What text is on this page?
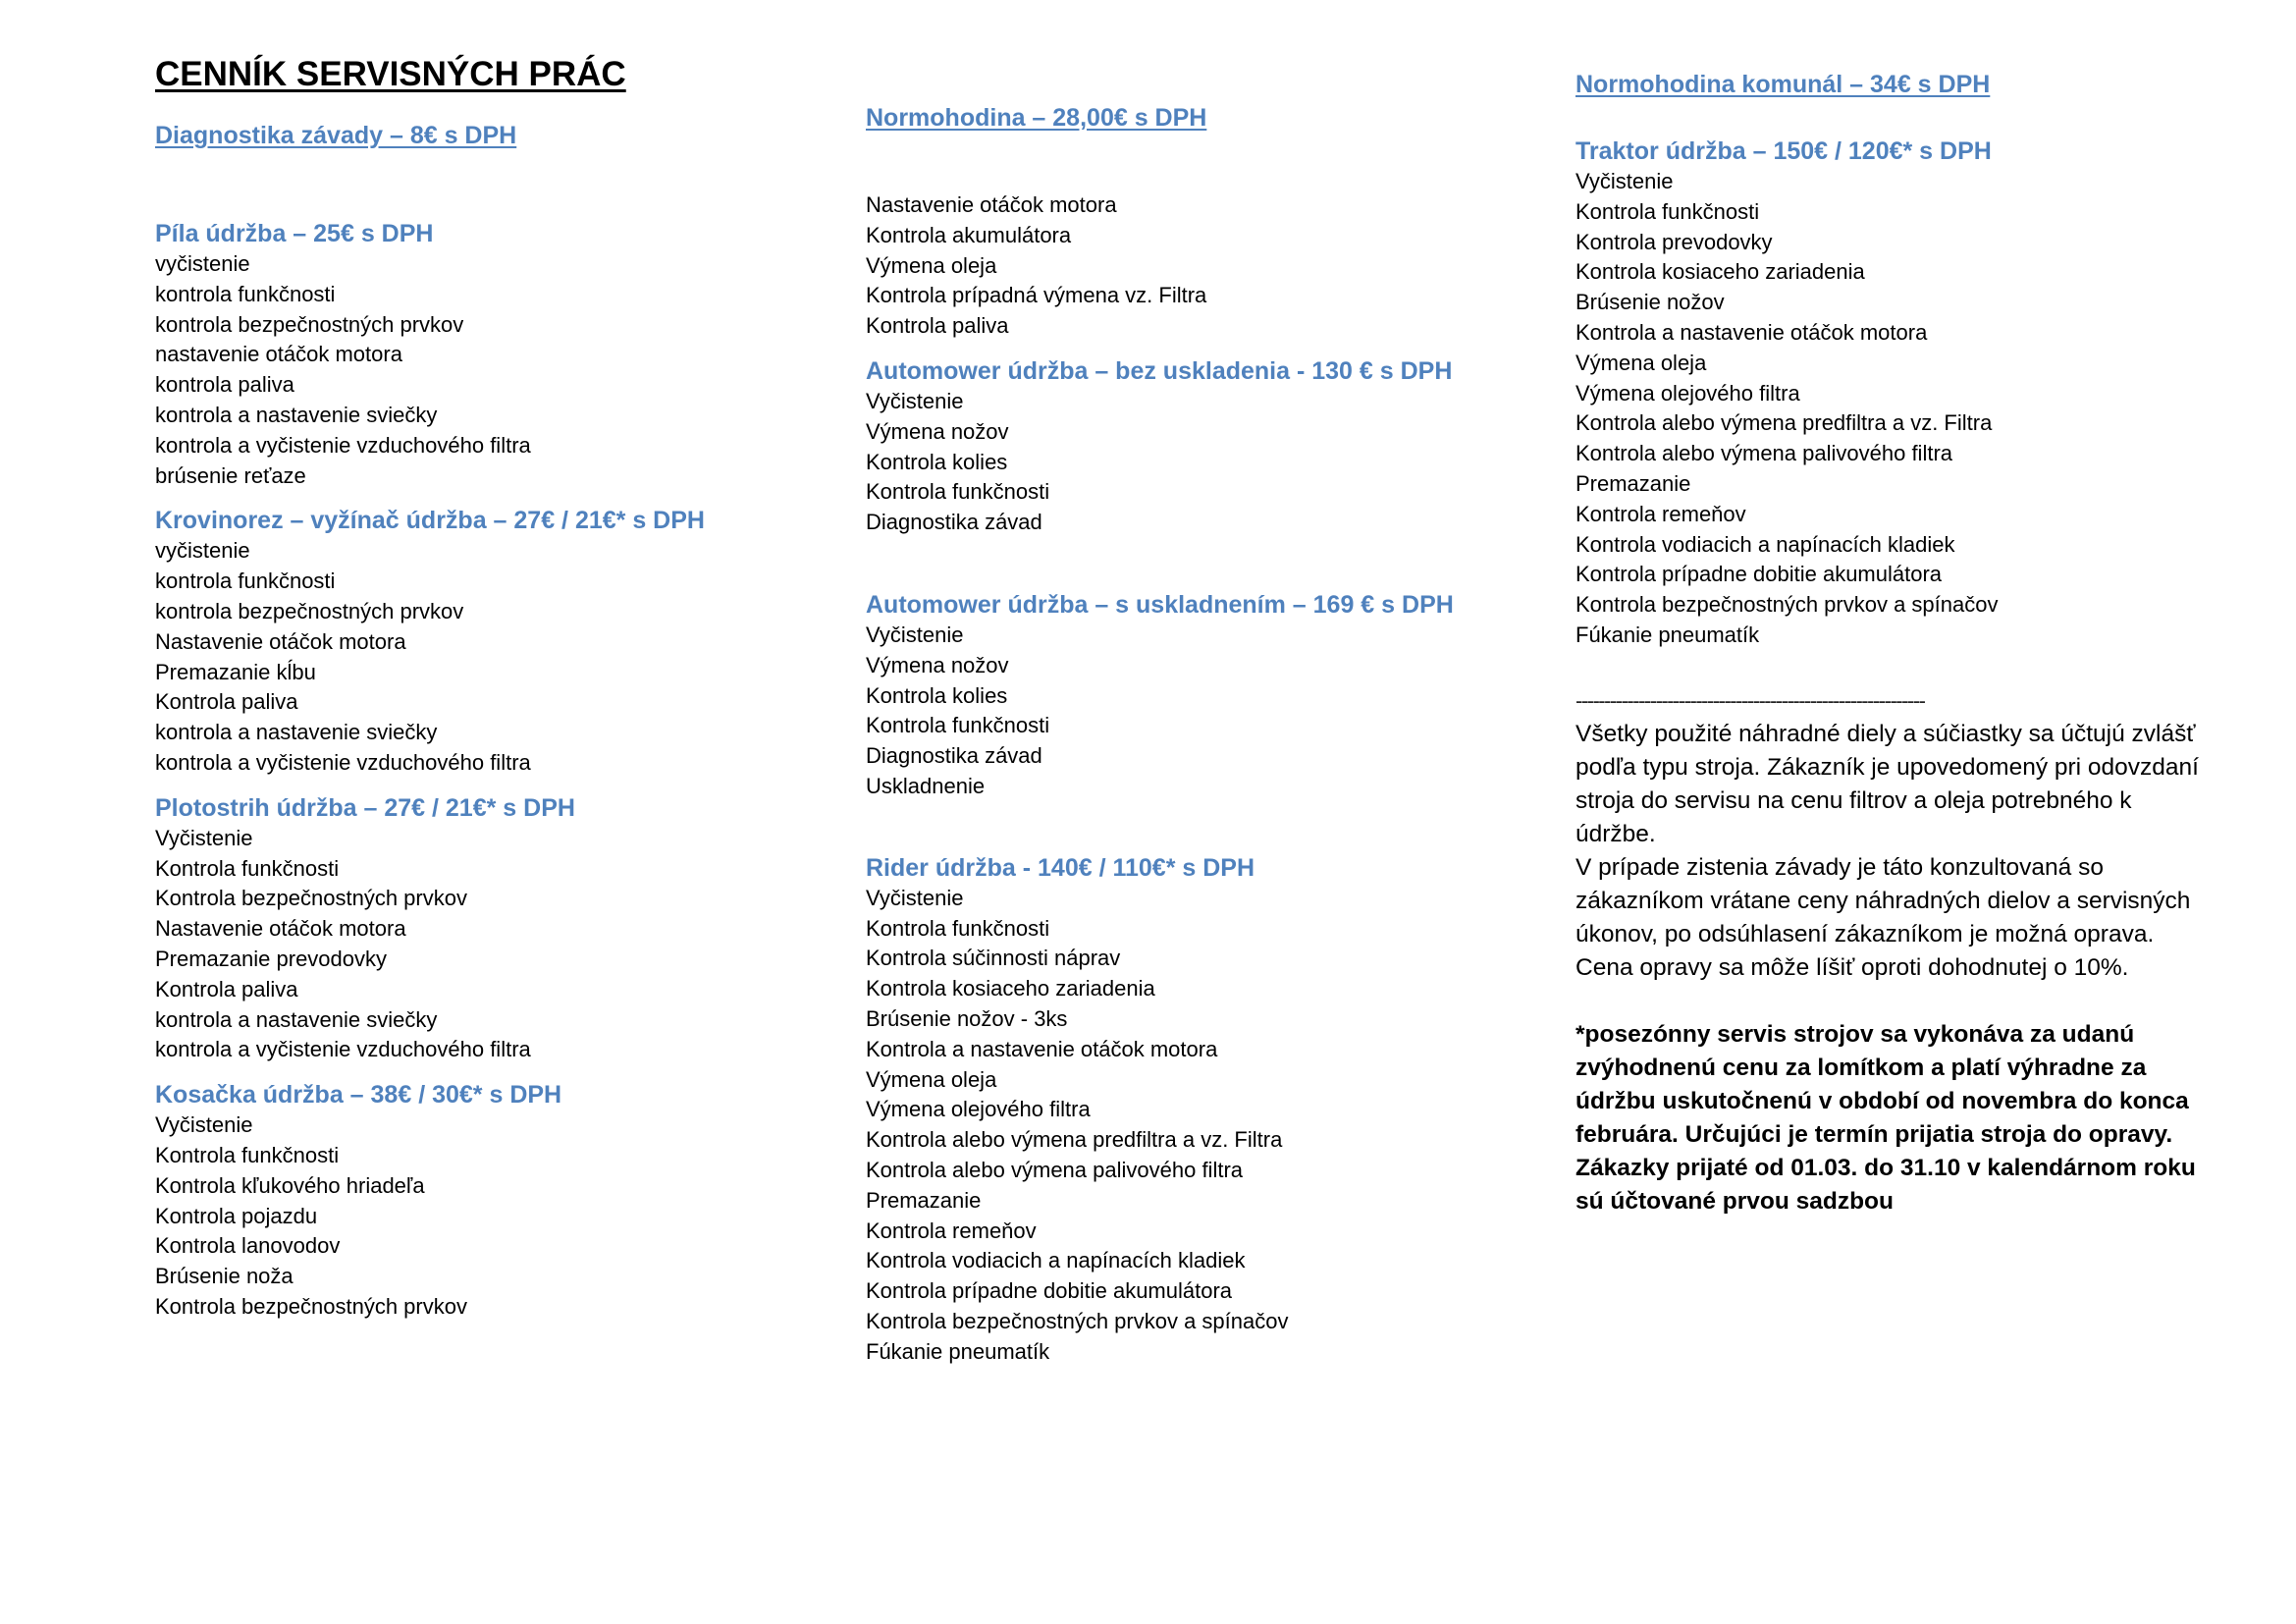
CENNÍK SERVISNÝCH PRÁC

Diagnostika závady – 8€ s DPH

Píla údržba – 25€ s DPH

vyčistenie

kontrola funkčnosti

kontrola bezpečnostných prvkov

nastavenie otáčok motora

kontrola paliva

kontrola a nastavenie sviečky

kontrola a vyčistenie vzduchového filtra

brúsenie reťaze

Krovinorez – vyžínač údržba – 27€ / 21€* s DPH

vyčistenie

kontrola funkčnosti

kontrola bezpečnostných prvkov

Nastavenie otáčok motora

Premazanie kĺbu

Kontrola paliva

kontrola a nastavenie sviečky

kontrola a vyčistenie vzduchového filtra

Plotostrih údržba – 27€ / 21€* s DPH

Vyčistenie

Kontrola funkčnosti

Kontrola bezpečnostných prvkov

Nastavenie otáčok motora

Premazanie prevodovky

Kontrola paliva

kontrola a nastavenie sviečky

kontrola a vyčistenie vzduchového filtra

Kosačka údržba – 38€ / 30€* s DPH

Vyčistenie

Kontrola funkčnosti

Kontrola kľukového hriadeľa

Kontrola pojazdu

Kontrola lanovodov

Brúsenie noža

Kontrola bezpečnostných prvkov

Normohodina – 28,00€ s DPH

Nastavenie otáčok motora

Kontrola akumulátora

Výmena oleja

Kontrola prípadná výmena vz. Filtra

Kontrola paliva

Automower údržba – bez uskladenia - 130 € s DPH

Vyčistenie

Výmena nožov

Kontrola kolies

Kontrola funkčnosti

Diagnostika závad

Automower údržba – s uskladnením – 169 € s DPH

Vyčistenie

Výmena nožov

Kontrola kolies

Kontrola funkčnosti

Diagnostika závad

Uskladnenie

Rider údržba - 140€ / 110€* s DPH

Vyčistenie

Kontrola funkčnosti

Kontrola súčinnosti náprav

Kontrola kosiaceho zariadenia

Brúsenie nožov - 3ks

Kontrola a nastavenie otáčok motora

Výmena oleja

Výmena olejového filtra

Kontrola alebo výmena predfiltra a vz. Filtra

Kontrola alebo výmena palivového filtra

Premazanie

Kontrola remeňov

Kontrola vodiacich a napínacích kladiek

Kontrola prípadne dobitie akumulátora

Kontrola bezpečnostných prvkov a spínačov

Fúkanie pneumatík

Normohodina komunál – 34€ s DPH

Traktor údržba – 150€ / 120€* s DPH

Vyčistenie

Kontrola funkčnosti

Kontrola prevodovky

Kontrola kosiaceho zariadenia

Brúsenie nožov

Kontrola a nastavenie otáčok motora

Výmena oleja

Výmena olejového filtra

Kontrola alebo výmena predfiltra a vz. Filtra

Kontrola alebo výmena palivového filtra

Premazanie

Kontrola remeňov

Kontrola vodiacich a napínacích kladiek

Kontrola prípadne dobitie akumulátora

Kontrola bezpečnostných prvkov a spínačov

Fúkanie pneumatík

-------------------------------------------------------------

Všetky použité náhradné diely a súčiastky sa účtujú zvlášť podľa typu stroja. Zákazník je upovedomený pri odovzdaní stroja do servisu na cenu filtrov a oleja potrebného k údržbe.

V prípade zistenia závady je táto konzultovaná so zákazníkom vrátane ceny náhradných dielov a servisných úkonov, po odsúhlasení zákazníkom je možná oprava. Cena opravy sa môže líšiť oproti dohodnutej o 10%.

*posezónny servis strojov sa vykonáva za udanú zvýhodnenú cenu za lomítkom a platí výhradne za údržbu uskutočnenú v období od novembra do konca februára. Určujúci je termín prijatia stroja do opravy. Zákazky prijaté od 01.03. do 31.10 v kalendárnom roku sú účtované prvou sadzbou
